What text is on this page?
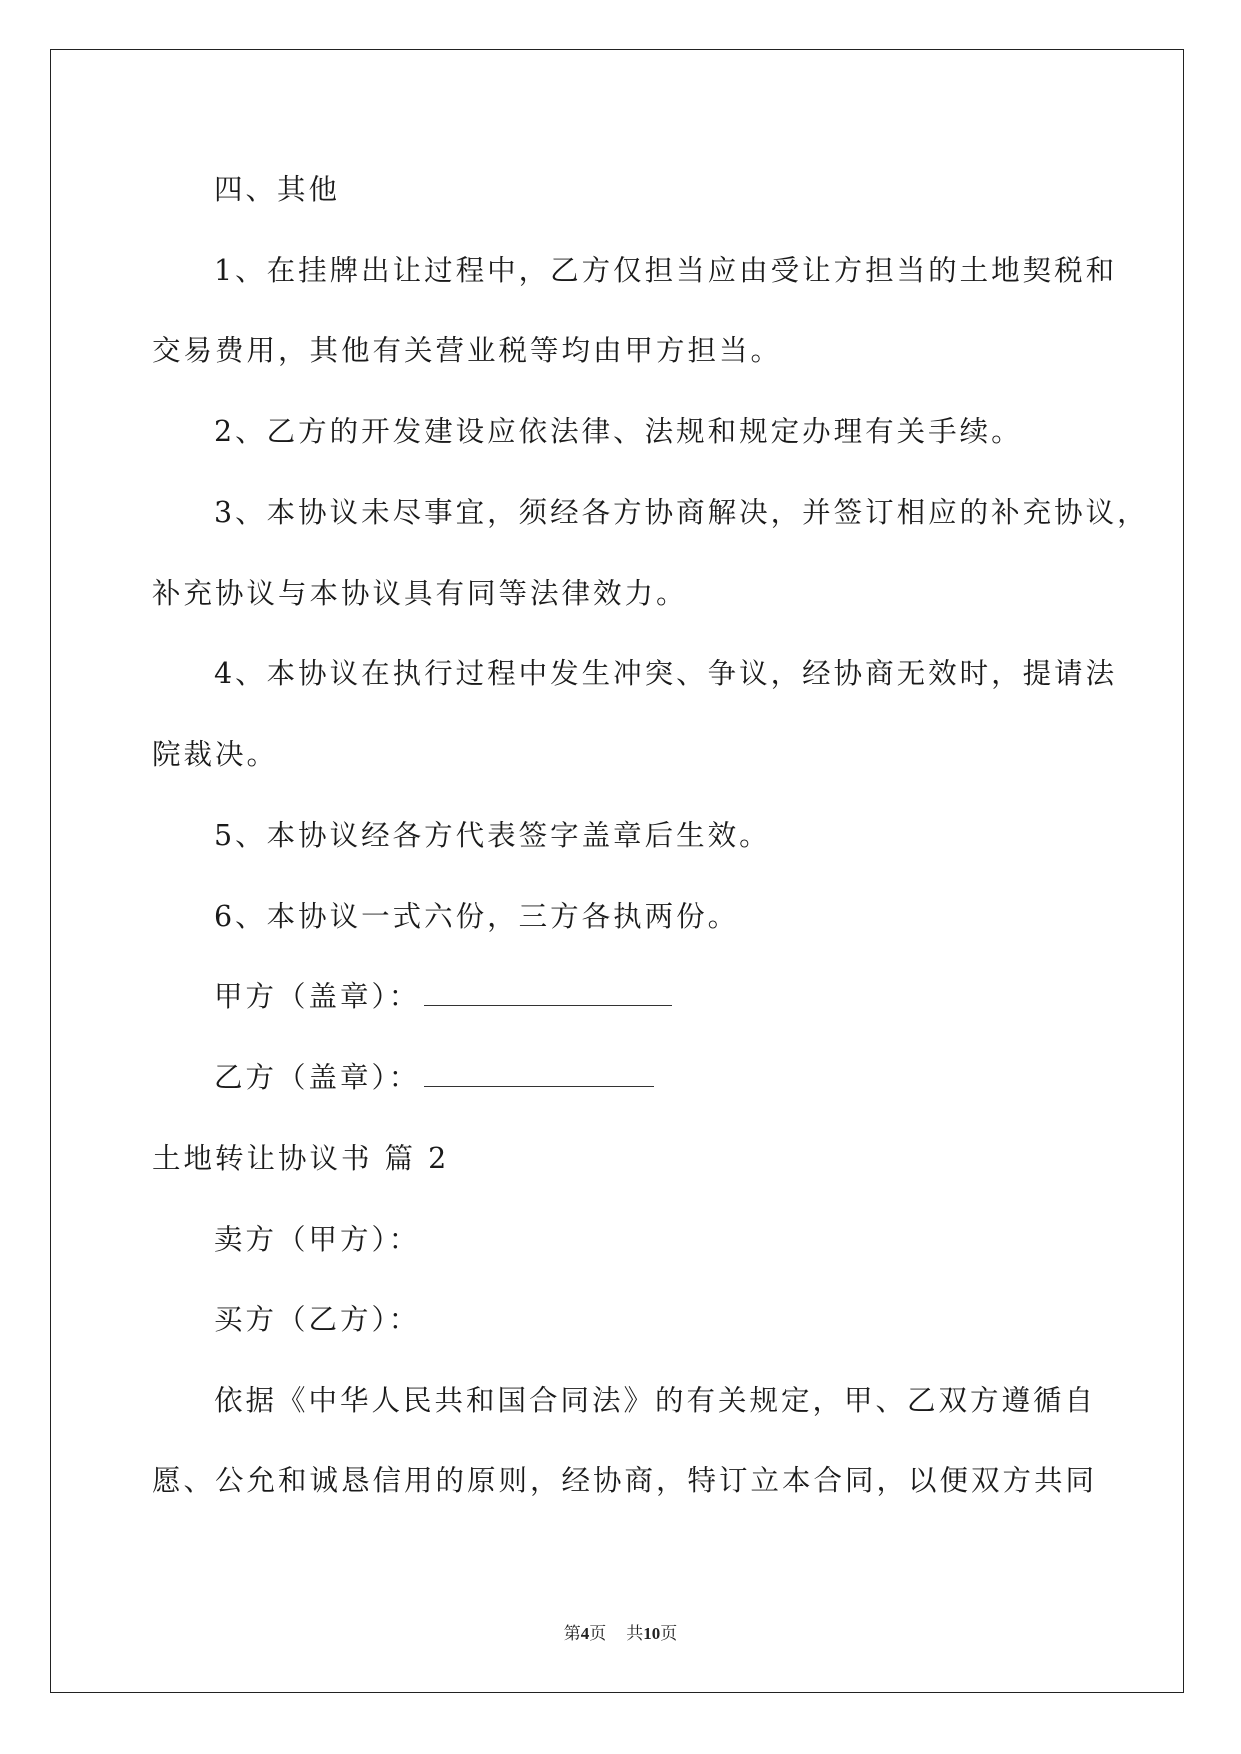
四、其他
1、在挂牌出让过程中，乙方仅担当应由受让方担当的土地契税和
交易费用，其他有关营业税等均由甲方担当。
2、乙方的开发建设应依法律、法规和规定办理有关手续。
3、本协议未尽事宜，须经各方协商解决，并签订相应的补充协议，
补充协议与本协议具有同等法律效力。
4、本协议在执行过程中发生冲突、争议，经协商无效时，提请法
院裁决。
5、本协议经各方代表签字盖章后生效。
6、本协议一式六份，三方各执两份。
甲方（盖章）：
乙方（盖章）：
土地转让协议书 篇 2
卖方（甲方）：
买方（乙方）：
依据《中华人民共和国合同法》的有关规定，甲、乙双方遵循自
愿、公允和诚恳信用的原则，经协商，特订立本合同，以便双方共同
第4页 共10页
